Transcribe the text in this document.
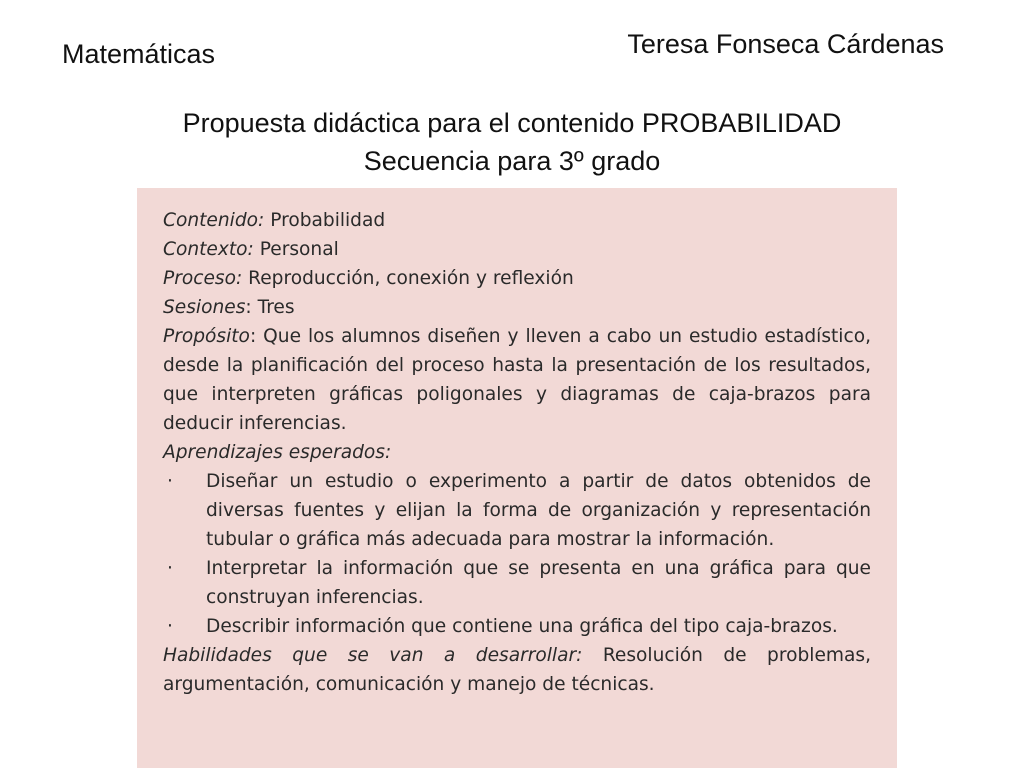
Matemáticas	Teresa Fonseca Cárdenas
Propuesta didáctica para el contenido PROBABILIDAD
Secuencia para 3º grado
Contenido: Probabilidad
Contexto: Personal
Proceso: Reproducción, conexión y reflexión
Sesiones: Tres
Propósito: Que los alumnos diseñen y lleven a cabo un estudio estadístico, desde la planificación del proceso hasta la presentación de los resultados, que interpreten gráficas poligonales y diagramas de caja-brazos para deducir inferencias.
Aprendizajes esperados:
· Diseñar un estudio o experimento a partir de datos obtenidos de diversas fuentes y elijan la forma de organización y representación tubular o gráfica más adecuada para mostrar la información.
· Interpretar la información que se presenta en una gráfica para que construyan inferencias.
· Describir información que contiene una gráfica del tipo caja-brazos.
Habilidades que se van a desarrollar: Resolución de problemas, argumentación, comunicación y manejo de técnicas.
